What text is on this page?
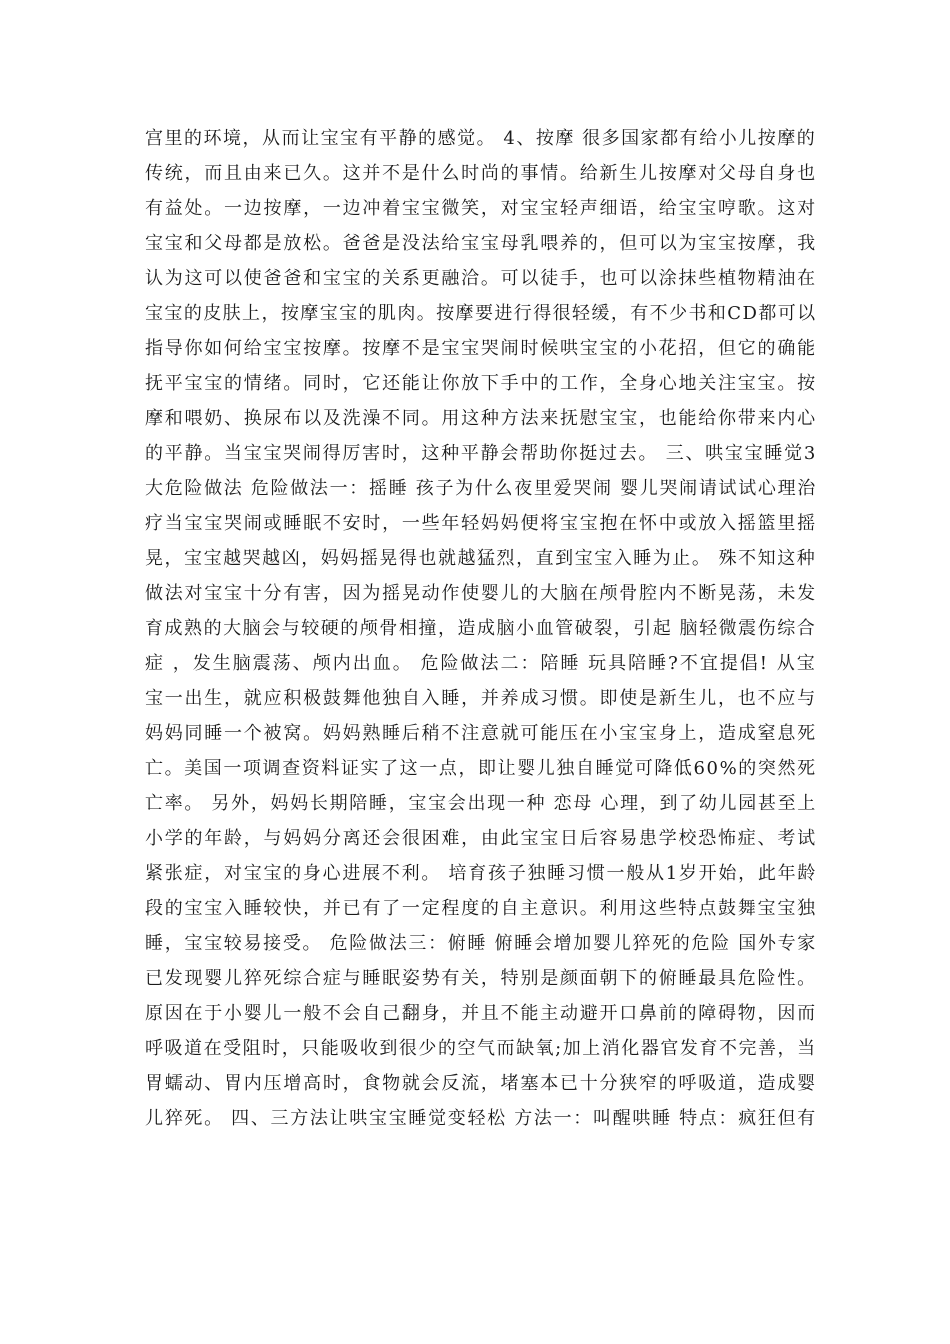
宫里的环境，从而让宝宝有平静的感觉。 4、按摩 很多国家都有给小儿按摩的
传统，而且由来已久。这并不是什么时尚的事情。给新生儿按摩对父母自身也
有益处。一边按摩，一边冲着宝宝微笑，对宝宝轻声细语，给宝宝哼歌。这对
宝宝和父母都是放松。爸爸是没法给宝宝母乳喂养的，但可以为宝宝按摩，我
认为这可以使爸爸和宝宝的关系更融洽。可以徒手，也可以涂抹些植物精油在
宝宝的皮肤上，按摩宝宝的肌肉。按摩要进行得很轻缓，有不少书和CD都可以
指导你如何给宝宝按摩。按摩不是宝宝哭闹时候哄宝宝的小花招，但它的确能
抚平宝宝的情绪。同时，它还能让你放下手中的工作，全身心地关注宝宝。按
摩和喂奶、换尿布以及洗澡不同。用这种方法来抚慰宝宝，也能给你带来内心
的平静。当宝宝哭闹得厉害时，这种平静会帮助你挺过去。 三、哄宝宝睡觉3
大危险做法 危险做法一：摇睡 孩子为什么夜里爱哭闹 婴儿哭闹请试试心理治
疗当宝宝哭闹或睡眠不安时，一些年轻妈妈便将宝宝抱在怀中或放入摇篮里摇
晃，宝宝越哭越凶，妈妈摇晃得也就越猛烈，直到宝宝入睡为止。 殊不知这种
做法对宝宝十分有害，因为摇晃动作使婴儿的大脑在颅骨腔内不断晃荡，未发
育成熟的大脑会与较硬的颅骨相撞，造成脑小血管破裂，引起 脑轻微震伤综合
症 ，发生脑震荡、颅内出血。 危险做法二：陪睡 玩具陪睡?不宜提倡! 从宝
宝一出生，就应积极鼓舞他独自入睡，并养成习惯。即使是新生儿，也不应与
妈妈同睡一个被窝。妈妈熟睡后稍不注意就可能压在小宝宝身上，造成窒息死
亡。美国一项调查资料证实了这一点，即让婴儿独自睡觉可降低60%的突然死
亡率。 另外，妈妈长期陪睡，宝宝会出现一种 恋母 心理，到了幼儿园甚至上
小学的年龄，与妈妈分离还会很困难，由此宝宝日后容易患学校恐怖症、考试
紧张症，对宝宝的身心进展不利。 培育孩子独睡习惯一般从1岁开始，此年龄
段的宝宝入睡较快，并已有了一定程度的自主意识。利用这些特点鼓舞宝宝独
睡，宝宝较易接受。 危险做法三：俯睡 俯睡会增加婴儿猝死的危险 国外专家
已发现婴儿猝死综合症与睡眠姿势有关，特别是颜面朝下的俯睡最具危险性。
原因在于小婴儿一般不会自己翻身，并且不能主动避开口鼻前的障碍物，因而
呼吸道在受阻时，只能吸收到很少的空气而缺氧;加上消化器官发育不完善，当
胃蠕动、胃内压增高时，食物就会反流，堵塞本已十分狭窄的呼吸道，造成婴
儿猝死。 四、三方法让哄宝宝睡觉变轻松 方法一：叫醒哄睡 特点：疯狂但有
